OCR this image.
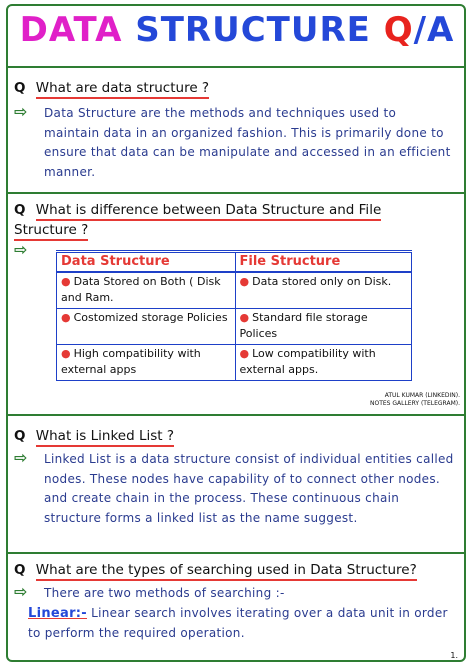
DATA STRUCTURE Q/A
Q What are data structure ?
⇨ Data Structure are the methods and techniques used to maintain data in an organized fashion. This is primarily done to ensure that data can be manipulate and accessed in an efficient manner.
Q What is difference between Data Structure and File Structure ?
⇨
Data Structure	File Structure
● Data Stored on Both ( Disk and Ram.	● Data stored only on Disk.
● Costomized storage Policies	● Standard file storage Polices
● High compatibility with external apps	● Low compatibility with external apps.
ATUL KUMAR (LINKEDIN).
NOTES GALLERY (TELEGRAM).
Q What is Linked List ?
⇨ Linked List is a data structure consist of individual entities called nodes. These nodes have capability of to connect other nodes. and create chain in the process. These continuous chain structure forms a linked list as the name suggest.
Q What are the types of searching used in Data Structure?
⇨ There are two methods of searching :-
Linear:- Linear search involves iterating over a data unit in order to perform the required operation.
1.
